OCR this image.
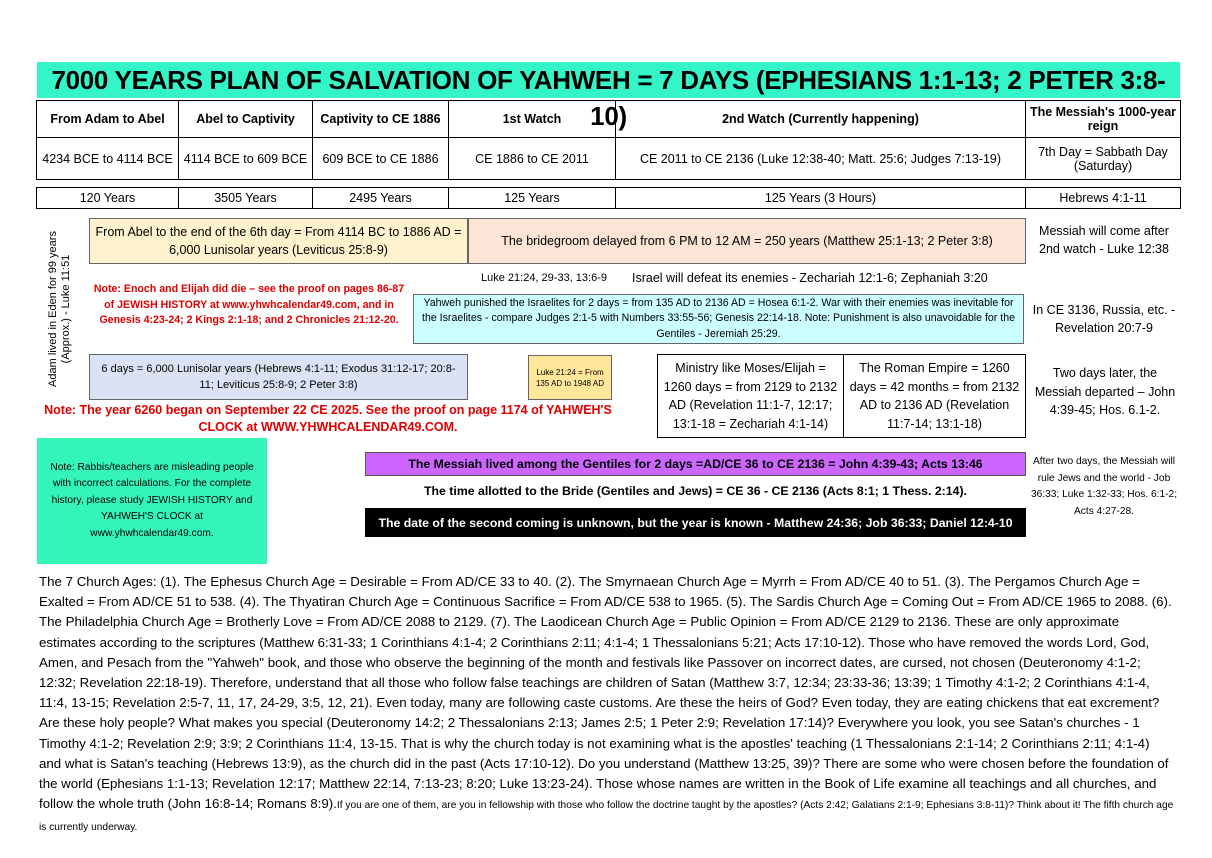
7000 YEARS PLAN OF SALVATION OF YAHWEH = 7 DAYS (EPHESIANS 1:1-13; 2 PETER 3:8-10)
From Adam to Abel	Abel to Captivity	Captivity to CE 1886	1st Watch	2nd Watch (Currently happening)	The Messiah's 1000-year reign
4234 BCE to 4114 BCE	4114 BCE to 609 BCE	609 BCE to CE 1886	CE 1886 to CE 2011	CE 2011 to CE 2136 (Luke 12:38-40; Matt. 25:6; Judges 7:13-19)	7th Day = Sabbath Day (Saturday)
120 Years	3505 Years	2495 Years	125 Years	125 Years (3 Hours)	Hebrews 4:1-11
Adam lived in Eden for 99 years (Approx.) - Luke 11:51
From Abel to the end of the 6th day = From 4114 BC to 1886 AD = 6,000 Lunisolar years (Leviticus 25:8-9)
The bridegroom delayed from 6 PM to 12 AM = 250 years (Matthew 25:1-13; 2 Peter 3:8)
Messiah will come after 2nd watch - Luke 12:38
Luke 21:24, 29-33, 13:6-9	Israel will defeat its enemies - Zechariah 12:1-6; Zephaniah 3:20
Note: Enoch and Elijah did die – see the proof on pages 86-87 of JEWISH HISTORY at www.yhwhcalendar49.com, and in Genesis 4:23-24; 2 Kings 2:1-18; and 2 Chronicles 21:12-20.
Yahweh punished the Israelites for 2 days = from 135 AD to 2136 AD = Hosea 6:1-2. War with their enemies was inevitable for the Israelites - compare Judges 2:1-5 with Numbers 33:55-56; Genesis 22:14-18. Note: Punishment is also unavoidable for the Gentiles - Jeremiah 25:29.
In CE 3136, Russia, etc. - Revelation 20:7-9
6 days = 6,000 Lunisolar years (Hebrews 4:1-11; Exodus 31:12-17; 20:8-11; Leviticus 25:8-9; 2 Peter 3:8)
Luke 21:24 = From 135 AD to 1948 AD
Ministry like Moses/Elijah = 1260 days = from 2129 to 2132 AD (Revelation 11:1-7, 12:17; 13:1-18 = Zechariah 4:1-14)
The Roman Empire = 1260 days = 42 months = from 2132 AD to 2136 AD (Revelation 11:7-14; 13:1-18)
Two days later, the Messiah departed – John 4:39-45; Hos. 6.1-2.
Note: The year 6260 began on September 22 CE 2025. See the proof on page 1174 of YAHWEH'S CLOCK at WWW.YHWHCALENDAR49.COM.
Note: Rabbis/teachers are misleading people with incorrect calculations. For the complete history, please study JEWISH HISTORY and YAHWEH'S CLOCK at www.yhwhcalendar49.com.
The Messiah lived among the Gentiles for 2 days =AD/CE 36 to CE 2136 = John 4:39-43; Acts 13:46	After two days, the Messiah will rule Jews and the world - Job 36:33; Luke 1:32-33; Hos. 6:1-2; Acts 4:27-28.
The time allotted to the Bride (Gentiles and Jews) = CE 36 - CE 2136 (Acts 8:1; 1 Thess. 2:14).
The date of the second coming is unknown, but the year is known - Matthew 24:36; Job 36:33; Daniel 12:4-10
The 7 Church Ages: (1). The Ephesus Church Age = Desirable = From AD/CE 33 to 40. (2). The Smyrnaean Church Age = Myrrh = From AD/CE 40 to 51. (3). The Pergamos Church Age = Exalted = From AD/CE 51 to 538. (4). The Thyatiran Church Age = Continuous Sacrifice = From AD/CE 538 to 1965. (5). The Sardis Church Age = Coming Out = From AD/CE 1965 to 2088. (6). The Philadelphia Church Age = Brotherly Love = From AD/CE 2088 to 2129. (7). The Laodicean Church Age = Public Opinion = From AD/CE 2129 to 2136. These are only approximate estimates according to the scriptures (Matthew 6:31-33; 1 Corinthians 4:1-4; 2 Corinthians 2:11; 4:1-4; 1 Thessalonians 5:21; Acts 17:10-12). Those who have removed the words Lord, God, Amen, and Pesach from the "Yahweh" book, and those who observe the beginning of the month and festivals like Passover on incorrect dates, are cursed, not chosen (Deuteronomy 4:1-2; 12:32; Revelation 22:18-19). Therefore, understand that all those who follow false teachings are children of Satan (Matthew 3:7, 12:34; 23:33-36; 13:39; 1 Timothy 4:1-2; 2 Corinthians 4:1-4, 11:4, 13-15; Revelation 2:5-7, 11, 17, 24-29, 3:5, 12, 21). Even today, many are following caste customs. Are these the heirs of God? Even today, they are eating chickens that eat excrement? Are these holy people? What makes you special (Deuteronomy 14:2; 2 Thessalonians 2:13; James 2:5; 1 Peter 2:9; Revelation 17:14)? Everywhere you look, you see Satan's churches - 1 Timothy 4:1-2; Revelation 2:9; 3:9; 2 Corinthians 11:4, 13-15. That is why the church today is not examining what is the apostles' teaching (1 Thessalonians 2:1-14; 2 Corinthians 2:11; 4:1-4) and what is Satan's teaching (Hebrews 13:9), as the church did in the past (Acts 17:10-12). Do you understand (Matthew 13:25, 39)? There are some who were chosen before the foundation of the world (Ephesians 1:1-13; Revelation 12:17; Matthew 22:14, 7:13-23; 8:20; Luke 13:23-24). Those whose names are written in the Book of Life examine all teachings and all churches, and follow the whole truth (John 16:8-14; Romans 8:9).If you are one of them, are you in fellowship with those who follow the doctrine taught by the apostles? (Acts 2:42; Galatians 2:1-9; Ephesians 3:8-11)? Think about it! The fifth church age is currently underway.
